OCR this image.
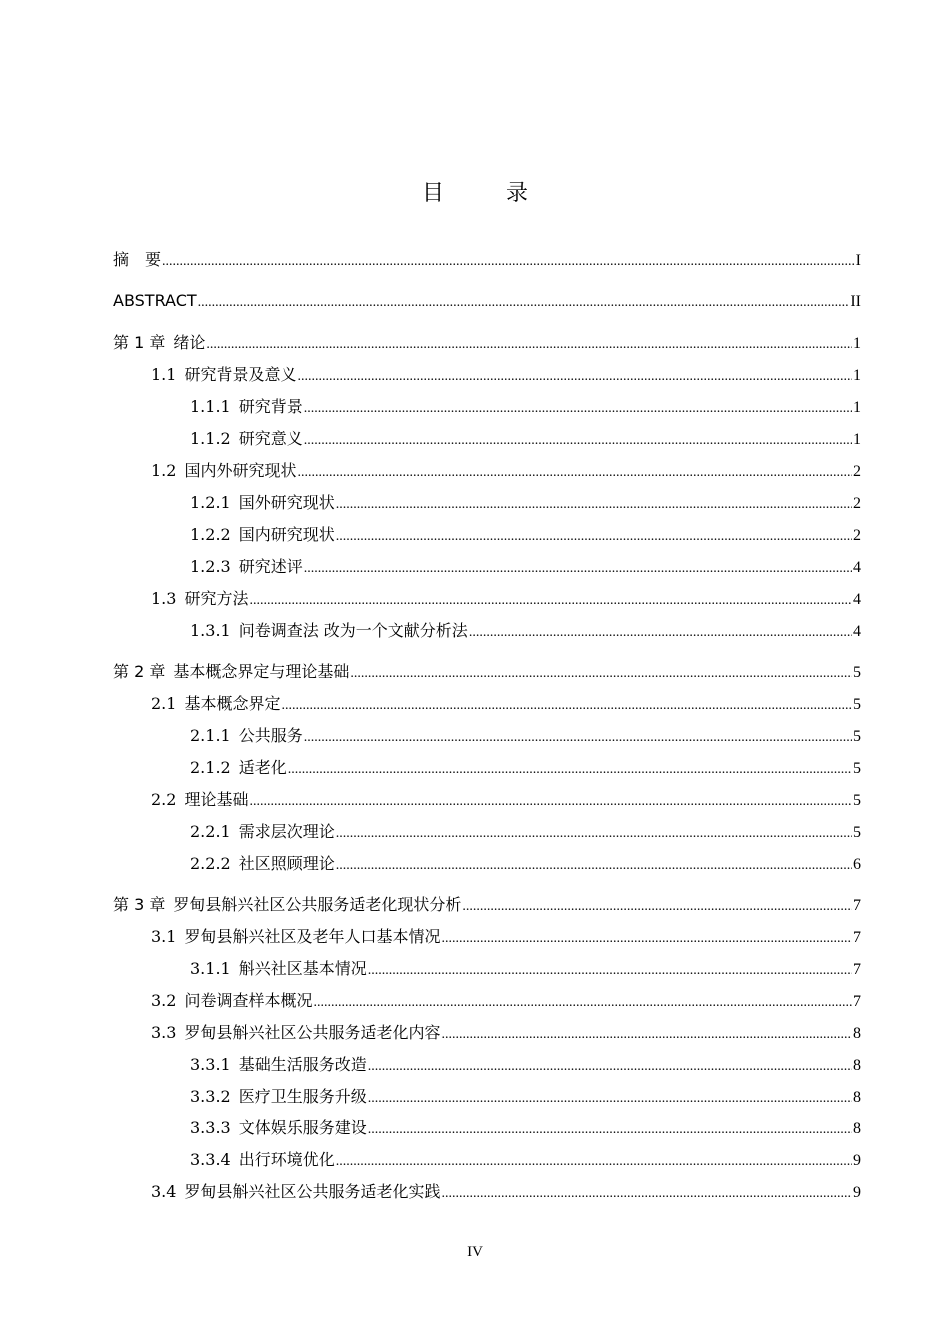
目　录
摘　要 .....	I
ABSTRACT .....	II
第 1 章 绪论 .....	1
1.1 研究背景及意义 .....	1
1.1.1 研究背景 .....	1
1.1.2 研究意义 .....	1
1.2 国内外研究现状 .....	2
1.2.1 国外研究现状 .....	2
1.2.2 国内研究现状 .....	2
1.2.3 研究述评 .....	4
1.3 研究方法 .....	4
1.3.1 问卷调查法 改为一个文献分析法 .....	4
第 2 章 基本概念界定与理论基础 .....	5
2.1 基本概念界定 .....	5
2.1.1 公共服务 .....	5
2.1.2 适老化 .....	5
2.2 理论基础 .....	5
2.2.1 需求层次理论 .....	5
2.2.2 社区照顾理论 .....	6
第 3 章 罗甸县斛兴社区公共服务适老化现状分析 .....	7
3.1 罗甸县斛兴社区及老年人口基本情况 .....	7
3.1.1 斛兴社区基本情况 .....	7
3.2 问卷调查样本概况 .....	7
3.3 罗甸县斛兴社区公共服务适老化内容 .....	8
3.3.1 基础生活服务改造 .....	8
3.3.2 医疗卫生服务升级 .....	8
3.3.3 文体娱乐服务建设 .....	8
3.3.4 出行环境优化 .....	9
3.4 罗甸县斛兴社区公共服务适老化实践 .....	9
IV
